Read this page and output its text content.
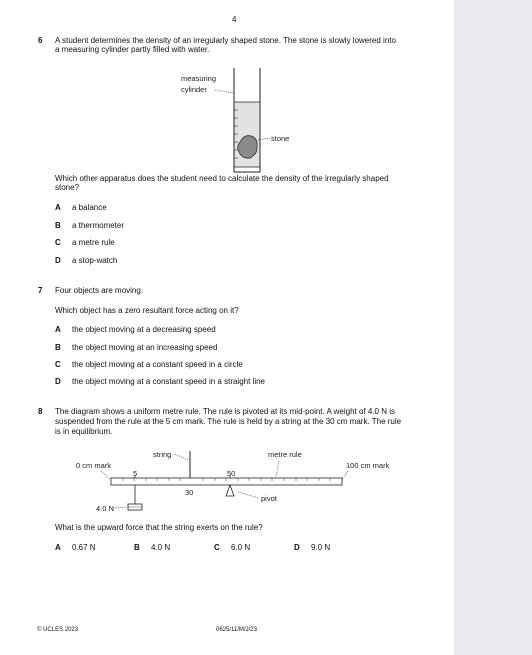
4
6 A student determines the density of an irregularly shaped stone. The stone is slowly lowered into
a measuring cylinder partly filled with water.
measuring
cylinder
stone
Which other apparatus does the student need to calculate the density of the irregularly shaped
stone?
A a balance
B a thermometer
C a metre rule
D a stop-watch
7 Four objects are moving.
Which object has a zero resultant force acting on it?
A the object moving at a decreasing speed
B the object moving at an increasing speed
C the object moving at a constant speed in a circle
D the object moving at a constant speed in a straight line
8 The diagram shows a uniform metre rule. The rule is pivoted at its mid-point. A weight of 4.0 N is
suspended from the rule at the 5 cm mark. The rule is held by a string at the 30 cm mark. The rule
is in equilibrium.
string	metre rule
0 cm mark	100 cm mark
5	50
30
pivot
4.0 N
What is the upward force that the string exerts on the rule?
A 0.67 N	B 4.0 N	C 6.0 N	D 9.0 N
© UCLES 2023	0625/11/M/J/23
